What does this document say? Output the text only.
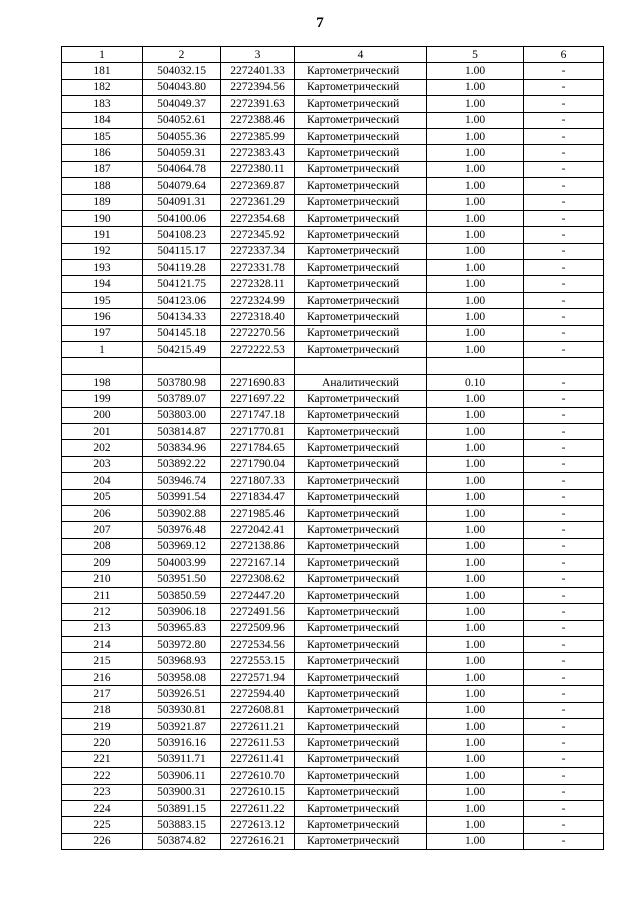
7
1	2	3	4	5	6
181	504032.15	2272401.33	Картометрический	1.00	-
182	504043.80	2272394.56	Картометрический	1.00	-
183	504049.37	2272391.63	Картометрический	1.00	-
184	504052.61	2272388.46	Картометрический	1.00	-
185	504055.36	2272385.99	Картометрический	1.00	-
186	504059.31	2272383.43	Картометрический	1.00	-
187	504064.78	2272380.11	Картометрический	1.00	-
188	504079.64	2272369.87	Картометрический	1.00	-
189	504091.31	2272361.29	Картометрический	1.00	-
190	504100.06	2272354.68	Картометрический	1.00	-
191	504108.23	2272345.92	Картометрический	1.00	-
192	504115.17	2272337.34	Картометрический	1.00	-
193	504119.28	2272331.78	Картометрический	1.00	-
194	504121.75	2272328.11	Картометрический	1.00	-
195	504123.06	2272324.99	Картометрический	1.00	-
196	504134.33	2272318.40	Картометрический	1.00	-
197	504145.18	2272270.56	Картометрический	1.00	-
1	504215.49	2272222.53	Картометрический	1.00	-

198	503780.98	2271690.83	Аналитический	0.10	-
199	503789.07	2271697.22	Картометрический	1.00	-
200	503803.00	2271747.18	Картометрический	1.00	-
201	503814.87	2271770.81	Картометрический	1.00	-
202	503834.96	2271784.65	Картометрический	1.00	-
203	503892.22	2271790.04	Картометрический	1.00	-
204	503946.74	2271807.33	Картометрический	1.00	-
205	503991.54	2271834.47	Картометрический	1.00	-
206	503902.88	2271985.46	Картометрический	1.00	-
207	503976.48	2272042.41	Картометрический	1.00	-
208	503969.12	2272138.86	Картометрический	1.00	-
209	504003.99	2272167.14	Картометрический	1.00	-
210	503951.50	2272308.62	Картометрический	1.00	-
211	503850.59	2272447.20	Картометрический	1.00	-
212	503906.18	2272491.56	Картометрический	1.00	-
213	503965.83	2272509.96	Картометрический	1.00	-
214	503972.80	2272534.56	Картометрический	1.00	-
215	503968.93	2272553.15	Картометрический	1.00	-
216	503958.08	2272571.94	Картометрический	1.00	-
217	503926.51	2272594.40	Картометрический	1.00	-
218	503930.81	2272608.81	Картометрический	1.00	-
219	503921.87	2272611.21	Картометрический	1.00	-
220	503916.16	2272611.53	Картометрический	1.00	-
221	503911.71	2272611.41	Картометрический	1.00	-
222	503906.11	2272610.70	Картометрический	1.00	-
223	503900.31	2272610.15	Картометрический	1.00	-
224	503891.15	2272611.22	Картометрический	1.00	-
225	503883.15	2272613.12	Картометрический	1.00	-
226	503874.82	2272616.21	Картометрический	1.00	-
